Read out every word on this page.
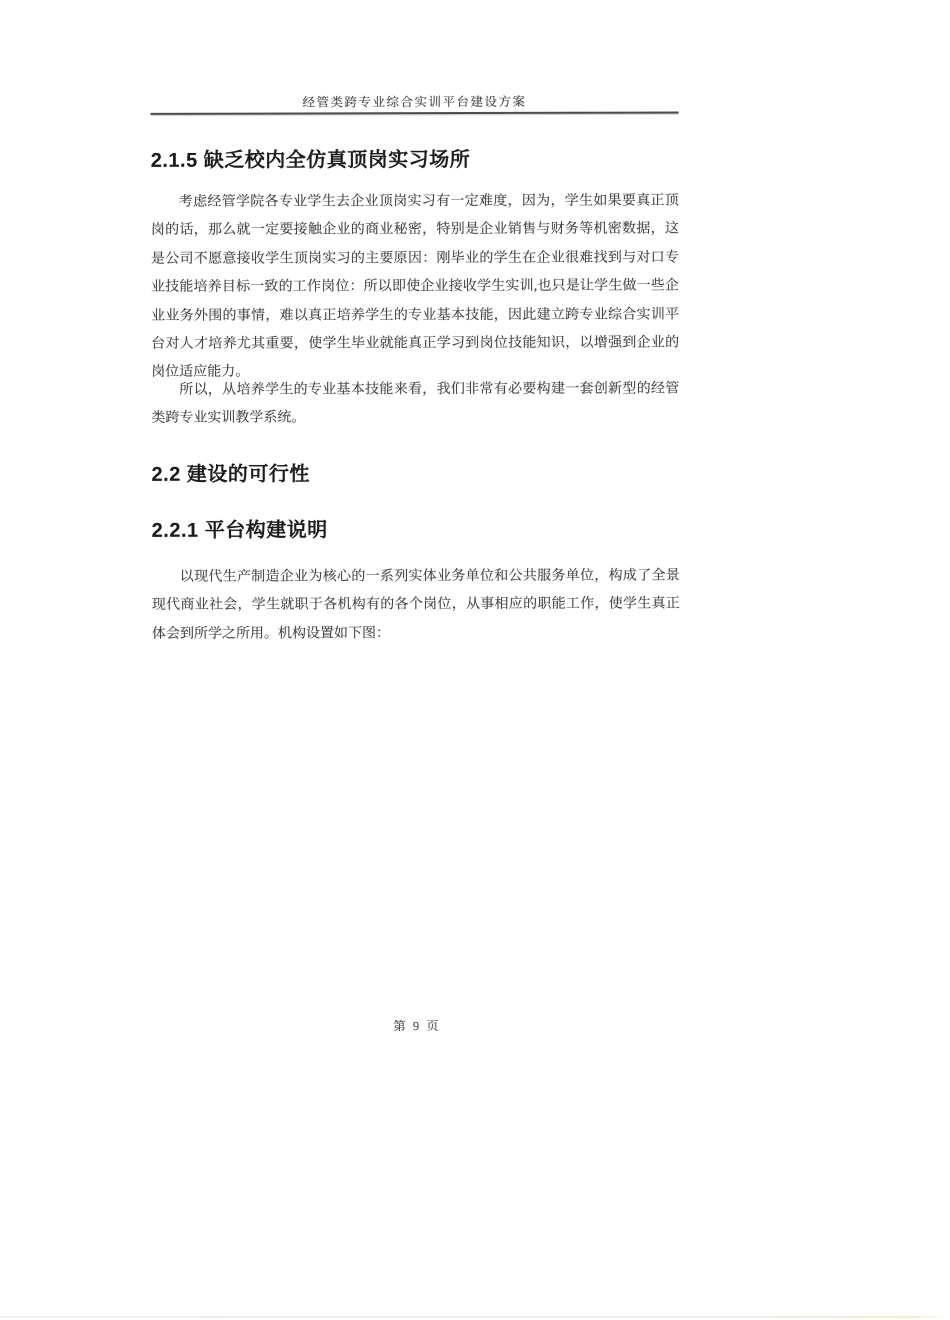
经管类跨专业综合实训平台建设方案
2.1.5 缺乏校内全仿真顶岗实习场所

考虑经管学院各专业学生去企业顶岗实习有一定难度，因为，学生如果要真正顶岗的话，那么就一定要接触企业的商业秘密，特别是企业销售与财务等机密数据，这是公司不愿意接收学生顶岗实习的主要原因：刚毕业的学生在企业很难找到与对口专业技能培养目标一致的工作岗位：所以即使企业接收学生实训,也只是让学生做一些企业业务外围的事情，难以真正培养学生的专业基本技能，因此建立跨专业综合实训平台对人才培养尤其重要，使学生毕业就能真正学习到岗位技能知识，以增强到企业的岗位适应能力。

所以，从培养学生的专业基本技能来看，我们非常有必要构建一套创新型的经管类跨专业实训教学系统。

2.2 建设的可行性
2.2.1 平台构建说明

以现代生产制造企业为核心的一系列实体业务单位和公共服务单位，构成了全景现代商业社会，学生就职于各机构有的各个岗位，从事相应的职能工作，使学生真正体会到所学之所用。机构设置如下图：

第 9 页
